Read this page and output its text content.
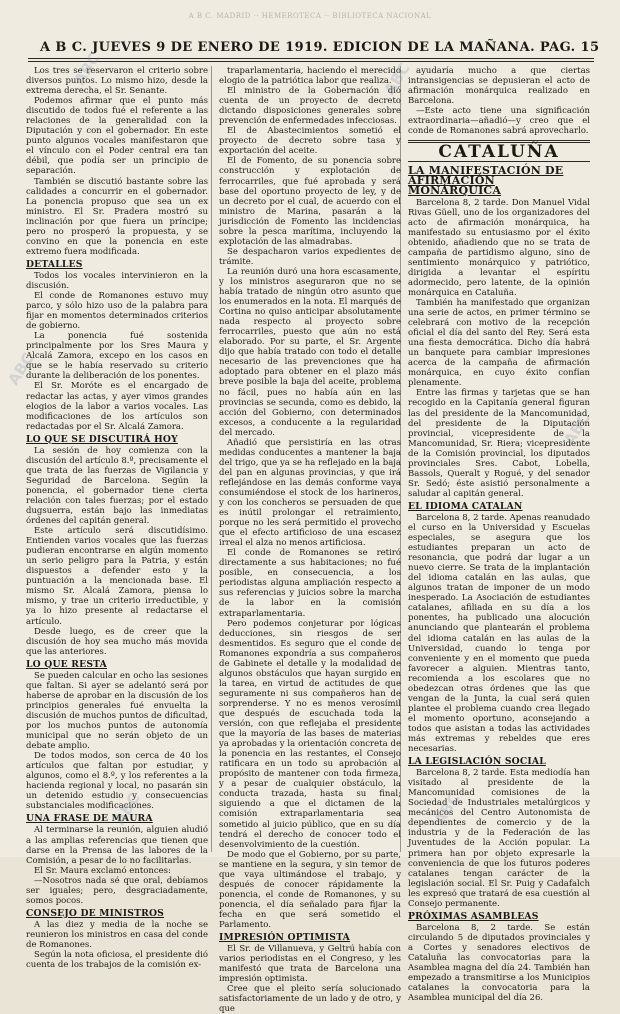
A B C. MADRID ·· HEMEROTECA ·· BIBLIOTECA NACIONAL
A B C. JUEVES 9 DE ENERO DE 1919. EDICION DE LA MAÑANA. PAG. 15

Los tres se reservaron el criterio sobre diversos puntos. Lo mismo hizo, desde la extrema derecha, el Sr. Senante.

Podemos afirmar que el punto más discutido de todos fué el referente a las relaciones de la generalidad con la Diputación y con el gobernador. En este punto algunos vocales manifestaron que el vínculo con el Poder central era tan débil, que podía ser un principio de separación.

También se discutió bastante sobre las calidades a concurrir en el gobernador. La ponencia propuso que sea un ex ministro. El Sr. Pradera mostró su inclinación por que fuera un príncipe; pero no prosperó la propuesta, y se convino en que la ponencia en este extremo fuera modificada.

DETALLES

Todos los vocales intervinieron en la discusión.

El conde de Romanones estuvo muy parco, y sólo hizo uso de la palabra para fijar en momentos determinados criterios de gobierno.

La ponencia fué sostenida principalmente por los Sres Maura y Alcalá Zamora, excepo en los casos en que se le había reservado su criterio durante la deliberación de los ponentes.

El Sr. Moróte es el encargado de redactar las actas, y ayer vimos grandes elogios de la labor a varios vocales. Las modificaciones de los artículos son redactadas por el Sr. Alcalá Zamora.

LO QUE SE DISCUTIRÁ HOY

La sesión de hoy comienza con la discusión del artículo 8.º, precisamente el que trata de las fuerzas de Vigilancia y Seguridad de Barcelona. Según la ponencia, el gobernador tiene cierta relación con tales fuerzas; por el estado dugsuerra, están bajo las inmediatas órdenes del capitán general.

Este artículo será discutidísimo. Entienden varios vocales que las fuerzas pudieran encontrarse en algún momento un serio peligro para la Patria, y están dispuestos a defender esto y la puntuación a la mencionada base. El mismo Sr. Alcalá Zamora, piensa lo mismo, y trae un criterio irreductible, y ya lo hizo presente al redactarse el artículo.

Desde luego, es de creer que la discusión de hoy sea mucho más movida que las anteriores.

LO QUE RESTA

Se pueden calcular en ocho las sesiones que faltan. Si ayer se adelantó será por haberse de aprobar en la discusión de los principios generales fué envuelta la discusión de muchos puntos de dificultad, por los muchos puntos de autonomía municipal que no serán objeto de un debate amplio.

De todos modos, son cerca de 40 los artículos que faltan por estudiar, y algunos, como el 8.º, y los referentes a la hacienda regional y local, no pasarán sin un detenido estudio y consecuencias substanciales modificaciones.

UNA FRASE DE MAURA

Al terminarse la reunión, alguien aludió a las amplias referencias que tienen que darse en la Prensa de las labores de la Comisión, a pesar de lo no facilitarlas.

El Sr. Maura exclamó entonces:

—Nosotros nada sé que oral, debíamos ser iguales; pero, desgraciadamente, somos pocos.

CONSEJO DE MINISTROS

A las diez y media de la noche se reunieron los ministros en casa del conde de Romanones.

Según la nota oficiosa, el presidente dió cuenta de los trabajos de la comisión ex-

traparlamentaria, haciendo el merecido elogio de la patriótica labor que realiza.

El ministro de la Gobernación dió cuenta de un proyecto de decreto dictando disposiciones generales sobre prevención de enfermedades infecciosas.

El de Abastecimientos sometió el proyecto de decreto sobre tasa y exportación del aceite.

El de Fomento, de su ponencia sobre construcción y explotación de ferrocarriles, que fué aprobada y será base del oportuno proyecto de ley, y de un decreto por el cual, de acuerdo con el ministro de Marina, pasarán a la jurisdicción de Fomento las incidencias sobre la pesca marítima, incluyendo la explotación de las almadrabas.

Se despacharon varios expedientes de trámite.

La reunión duró una hora escasamente, y los ministros aseguraron que no se había tratado de ningún otro asunto que los enumerados en la nota. El marqués de Cortina no quiso anticipar absolutamente nada respecto al proyecto sobre ferrocarriles, puesto que aún no está elaborado. Por su parte, el Sr. Argente dijo que había tratado con todo el detalle necesario de las prevenciones que ha adoptado para obtener en el plazo más breve posible la baja del aceite, problema no fácil, pues no había aún en las provincias se secunda, como es debido, la acción del Gobierno, con determinados excesos, a conducente a la regularidad del mercado.

Añadió que persistiría en las otras medidas conducentes a mantener la baja del trigo, que ya se ha reflejado en la baja del pan en algunas provincias, y que irá reflejándose en las demás conforme vaya consumiéndose el stock de los harineros, y con los concheros se persuaden de que es inútil prolongar el retraimiento, porque no les será permitido el provecho que el efecto artificioso de una escasez irreal el alza no menos artificiosa.

El conde de Romanones se retiró directamente a sus habitaciones; no fué posible, en consecuencia, a los periodistas alguna ampliación respecto a sus referencias y juicios sobre la marcha de la labor en la comisión extraparlamentaria.

Pero podemos conjeturar por lógicas deducciones, sin riesgos de ser desmentidos. Es seguro que el conde de Romanones expondría a sus compañeros de Gabinete el detalle y la modalidad de algunos obstáculos que hayan surgido en la tarea, en virtud de actitudes de que seguramente ni sus compañeros han de sorprenderse. Y no es menos verosímil que después de escuchada toda la versión, con que reflejaba el presidente que la mayoría de las bases de materias ya aprobadas y la orientación concreta de la ponencia en las restantes, el Consejo ratificara en un todo su aprobación al propósito de mantener con toda firmeza, y a pesar de cualquier obstáculo, la conducta trazada, hasta su final; siguiendo a que el dictamen de la comisión extraparlamentaria sea sometido al juicio público, que en su día tendrá el derecho de conocer todo el desenvolvimiento de la cuestión.

De modo que el Gobierno, por su parte, se mantiene en la segura, y sin temor de que vaya ultimándose el trabajo, y después de conocer rápidamente la ponencia, el conde de Romanones, y su ponencia, el día señalado para fijar la fecha en que será sometido el Parlamento.

IMPRESIÓN OPTIMISTA

El Sr. de Villanueva, y Geltrú había con varios periodistas en el Congreso, y les manifestó que trata de Barcelona una impresión optimista.

Cree que el pleito sería solucionado satisfactoriamente de un lado y de otro, y que

ayudaría mucho a que ciertas intransigencias se depusieran el acto de afirmación monárquica realizado en Barcelona.

—Este acto tiene una significación extraordinaria—añadió—y creo que el conde de Romanones sabrá aprovecharlo.

CATALUÑA
LA MANIFESTACIÓN DE AFIRMACIÓN MONÁRQUICA

Barcelona 8, 2 tarde. Don Manuel Vidal Rivas Güell, uno de los organizadores del acto de afirmación monárquica, ha manifestado su entusiasmo por el éxito obtenido, añadiendo que no se trata de campaña de partidismo alguno, sino de sentimiento monárquico y patriótico, dirigida a levantar el espíritu adormecido, pero latente, de la opinión monárquica en Cataluña.

También ha manifestado que organizan una serie de actos, en primer término se celebrará con motivo de la recepción oficial el día del santo del Rey. Será esta una fiesta democrática. Dicho día habrá un banquete para cambiar impresiones acerca de la campaña de afirmación monárquica, en cuyo éxito confían plenamente.

Entre las firmas y tarjetas que se han recogido en la Capitanía general figuran las del presidente de la Mancomunidad, del presidente de la Diputación provincial, vicepresidente de la Mancomunidad, Sr. Riera; vicepresidente de la Comisión provincial, los diputados provinciales Sres. Cabot, Lobella, Bassols, Queralt y Rogué, y del senador Sr. Sedó; éste asistió personalmente a saludar al capitán general.

EL IDIOMA CATALAN

Barcelona 8, 2 tarde. Apenas reanudado el curso en la Universidad y Escuelas especiales, se asegura que los estudiantes preparan un acto de resonancia, que podrá dar lugar a un nuevo cierre. Se trata de la implantación del idioma catalán en las aulas, que algunos tratan de imponer de un modo inesperado. La Asociación de estudiantes catalanes, afiliada en su día a los ponentes, ha publicado una alocución anunciando que plantearán el problema del idioma catalán en las aulas de la Universidad, cuando lo tenga por conveniente y en el momento que pueda favorecer a alguien. Mientras tanto, recomienda a los escolares que no obedezcan otras órdenes que las que vengan de la Junta, la cual será quien plantee el problema cuando crea llegado el momento oportuno, aconsejando a todos que asistan a todas las actividades más extremas y rebeldes que eres necesarias.

LA LEGISLACIÓN SOCIAL

Barcelona 8, 2 tarde. Esta mediodía han visitado al presidente de la Mancomunidad comisiones de la Sociedad de Industriales metalúrgicos y mecánicos del Centro Autonomista de dependientes de comercio y de la industria y de la Federación de las Juventudes de la Acción popular. La primera han por objeto expresarle la conveniencia de que los futuros poderes catalanes tengan carácter de la legislación social. El Sr. Puig y Cadafalch les expresó que tratará de esa cuestión al Consejo permanente.

PRÓXIMAS ASAMBLEAS

Barcelona 8, 2 tarde. Se están circulando 5 de diputados provinciales y a Cortes y senadores electivos de Cataluña las convocatorias para la Asamblea magna del día 24. También han empezado a transmitirse a los Municipios catalanes la convocatoria para la Asamblea municipal del día 26.

ABC	ABC
ABC
ABC
ABC	ABC
